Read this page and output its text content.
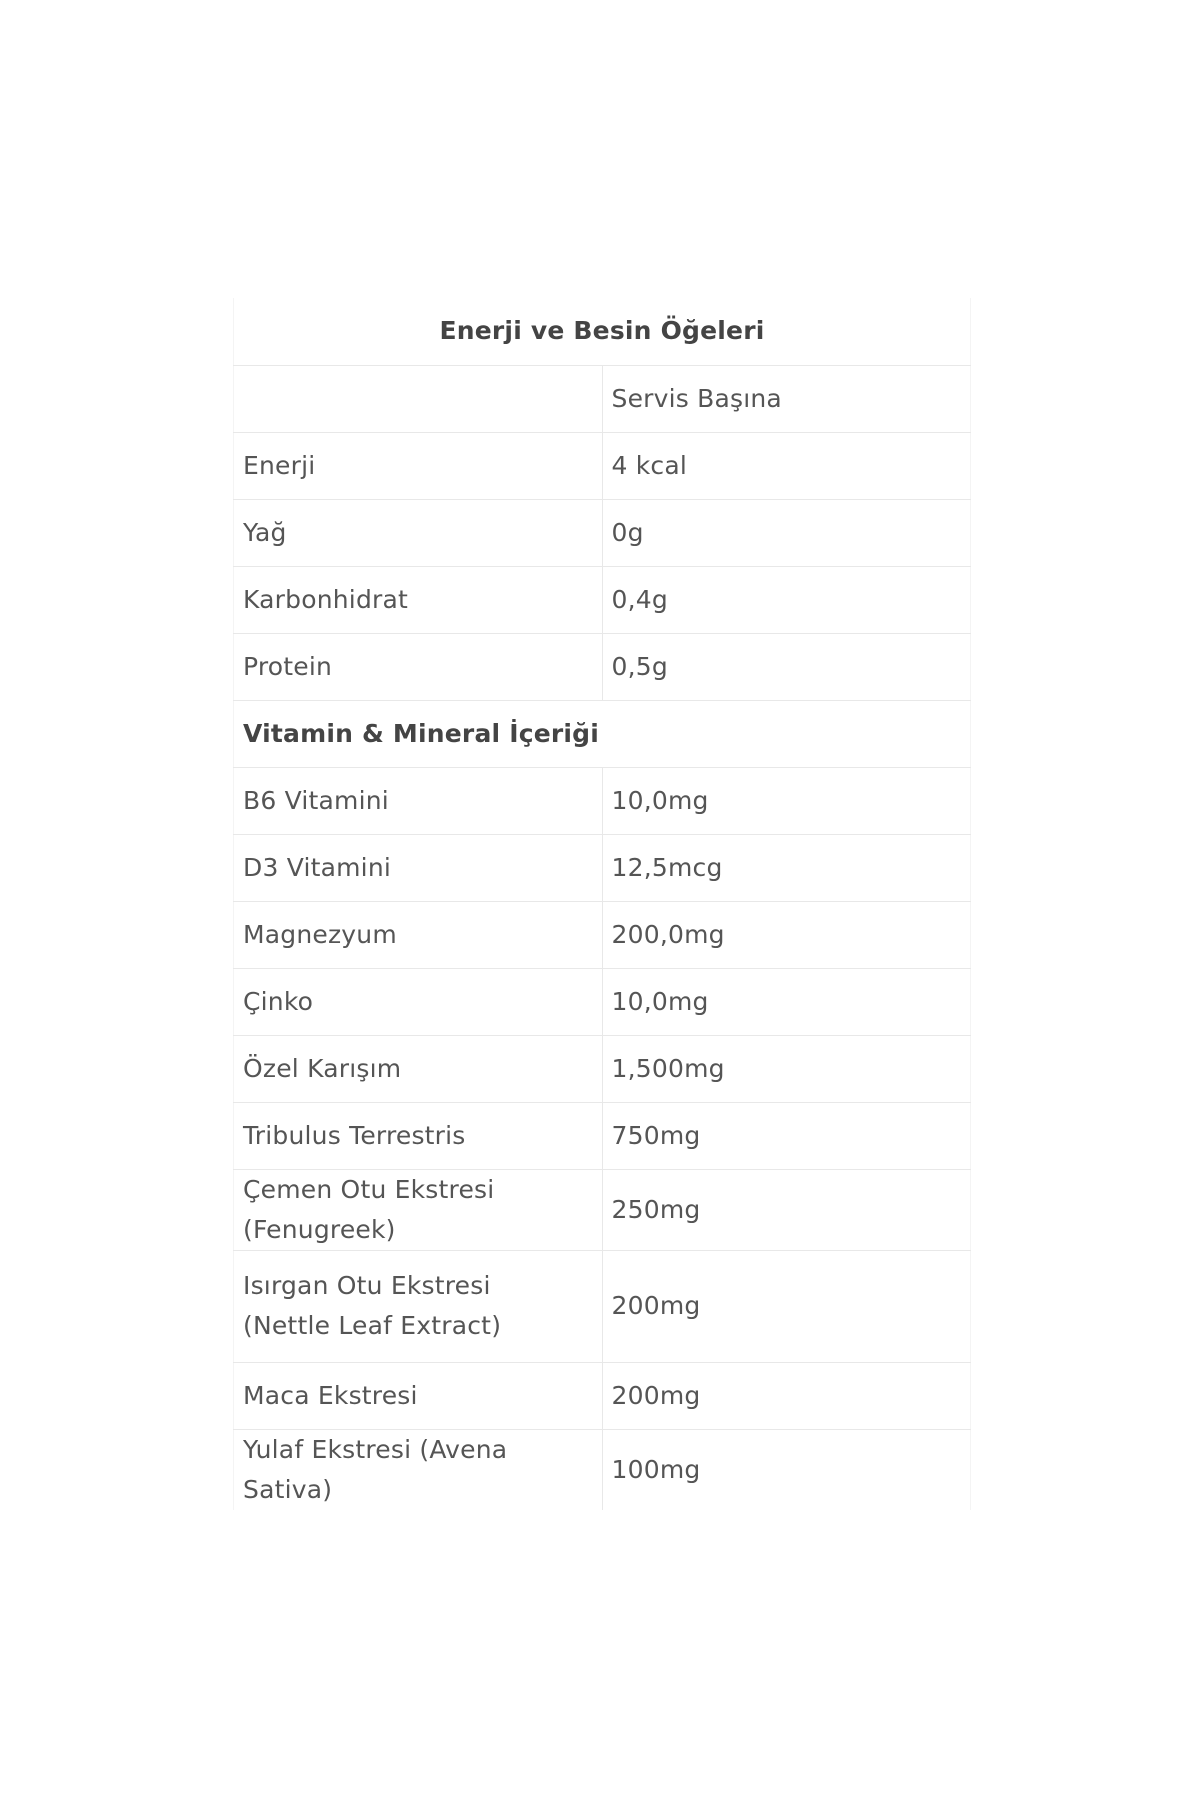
Enerji ve Besin Öğeleri	
	Servis Başına
Enerji	4 kcal
Yağ	0g
Karbonhidrat	0,4g
Protein	0,5g
Vitamin & Mineral İçeriği	
B6 Vitamini	10,0mg
D3 Vitamini	12,5mcg
Magnezyum	200,0mg
Çinko	10,0mg
Özel Karışım	1,500mg
Tribulus Terrestris	750mg
Çemen Otu Ekstresi (Fenugreek)	250mg
Isırgan Otu Ekstresi (Nettle Leaf Extract)	200mg
Maca Ekstresi	200mg
Yulaf Ekstresi (Avena Sativa)	100mg
